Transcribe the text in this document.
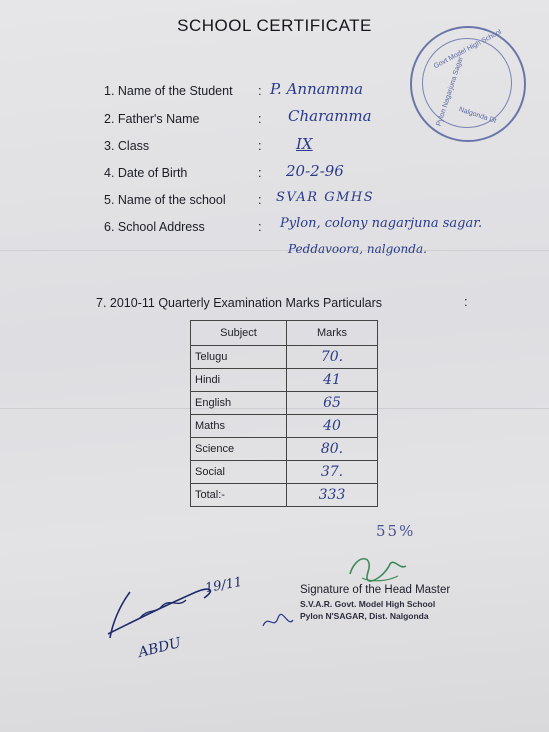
SCHOOL CERTIFICATE
Govt Model High School
Pylon Nagarjuna Sagar
Nalgonda Dt
1. Name of the Student : P. Annamma
2. Father's Name	: Charamma
3. Class	: IX
4. Date of Birth	: 20-2-96
5. Name of the school : SVAR GMHS
6. School Address	: Pylon, colony nagarjuna sagar.
Peddavoora, nalgonda.
7. 2010-11 Quarterly Examination Marks Particulars	:
Subject	Marks
Telugu	70.
Hindi	41
English	65
Maths	40
Science	80.
Social	37.
Total:-	333
55%
Signature of the Head Master
S.V.A.R. Govt. Model High School
Pylon N'SAGAR, Dist. Nalgonda
19/11
ABDU
